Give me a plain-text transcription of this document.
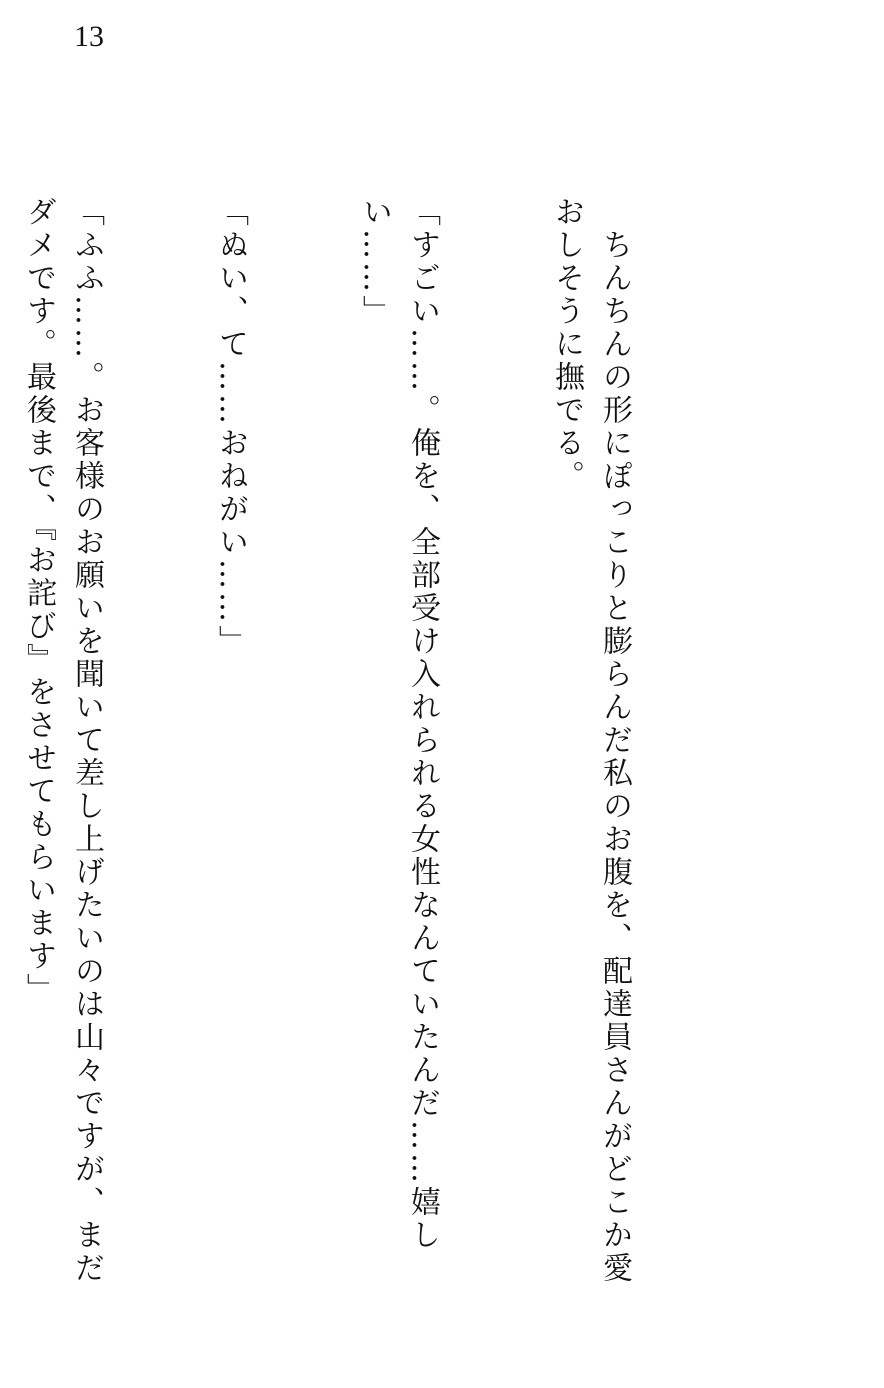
13

　ちんちんの形にぽっこりと膨らんだ私のお腹を、配達員さんがどこか愛おしそうに撫でる。

「すごい……。俺を、全部受け入れられる女性なんていたんだ……嬉しい……」

「ぬい、て……おねがい……」

「ふふ……。お客様のお願いを聞いて差し上げたいのは山々ですが、まだダメです。最後まで、『お詫び』をさせてもらいます」
